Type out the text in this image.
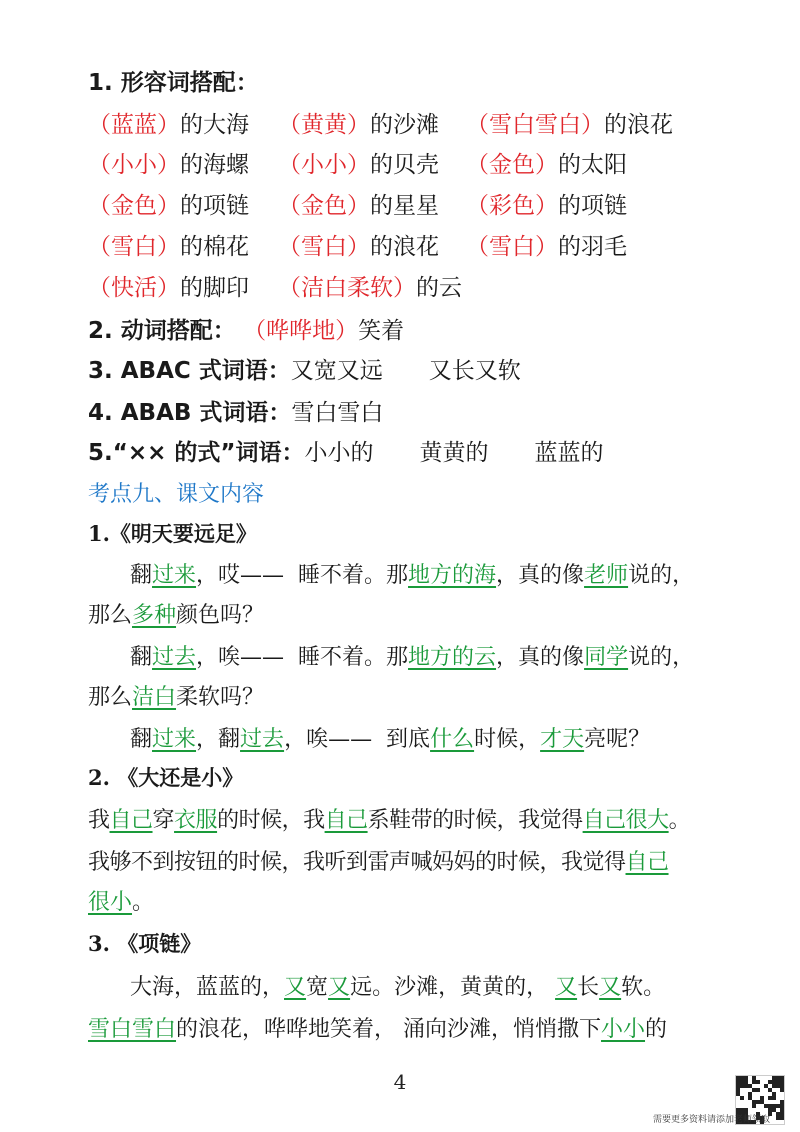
1. 形容词搭配：
（蓝蓝）的大海 （黄黄）的沙滩 （雪白雪白）的浪花
（小小）的海螺 （小小）的贝壳 （金色）的太阳
（金色）的项链 （金色）的星星 （彩色）的项链
（雪白）的棉花 （雪白）的浪花 （雪白）的羽毛
（快活）的脚印 （洁白柔软）的云
2. 动词搭配： （哗哗地）笑着
3. ABAC 式词语：又宽又远　　又长又软
4. ABAB 式词语：雪白雪白
5.“×× 的式”词语：小小的　　黄黄的　　蓝蓝的
考点九、课文内容
1.《明天要远足》
翻过来，哎——  睡不着。那地方的海，真的像老师说的，
那么多种颜色吗？
翻过去，唉——  睡不着。那地方的云，真的像同学说的，
那么洁白柔软吗？
翻过来，翻过去，唉——  到底什么时候，才天亮呢？
2. 《大还是小》
我自己穿衣服的时候，我自己系鞋带的时候，我觉得自己很大。
我够不到按钮的时候，我听到雷声喊妈妈的时候，我觉得自己
很小。
3. 《项链》
大海，蓝蓝的，又宽又远。沙滩，黄黄的， 又长又软。
雪白雪白的浪花，哗哗地笑着， 涌向沙滩，悄悄撒下小小的
4
需要更多资料请添加老师领取
